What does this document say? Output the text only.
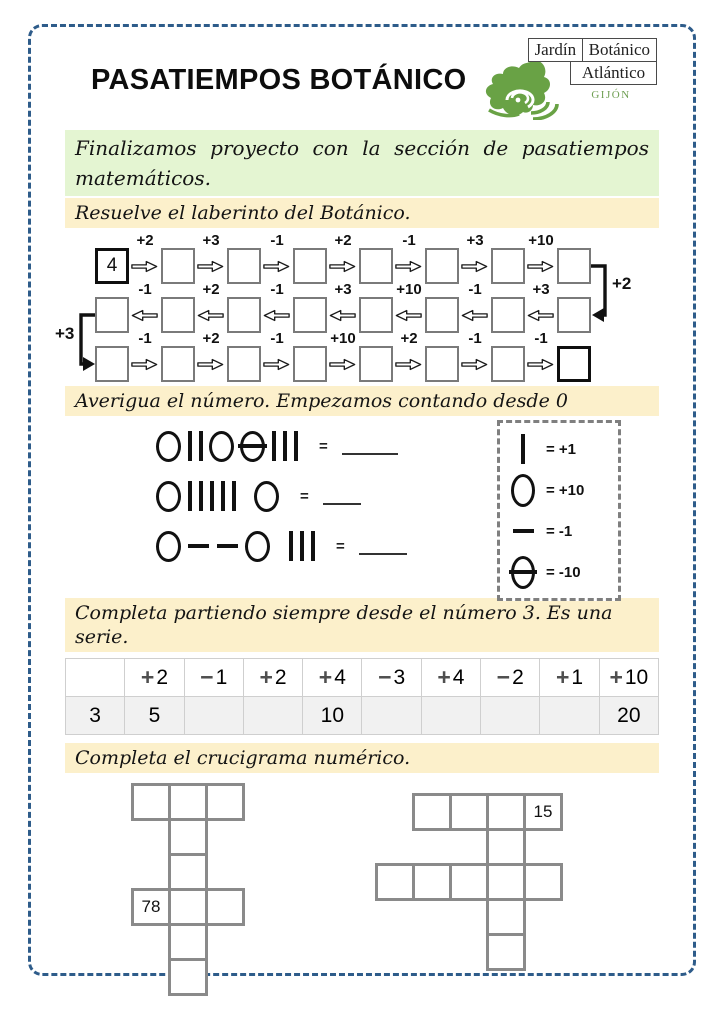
PASATIEMPOS BOTÁNICO
Jardín Botánico
Atlántico
GIJÓN
Finalizamos proyecto con la sección de pasatiempos
matemáticos.
Resuelve el laberinto del Botánico.
4
+2	+3	-1	+2	-1	+3	+10
-1	+2	-1	+3	+10	-1	+3
-1	+2	-1	+10	+2	-1	-1
+2
+3
Averigua el número. Empezamos contando desde 0
=
=
=
= +1
= +10
= -1
= -10
Completa partiendo siempre desde el número 3. Es una serie.
	+2	−1	+2	+4	−3	+4	−2	+1	+10
3	5			10					20
Completa el crucigrama numérico.
78
15
